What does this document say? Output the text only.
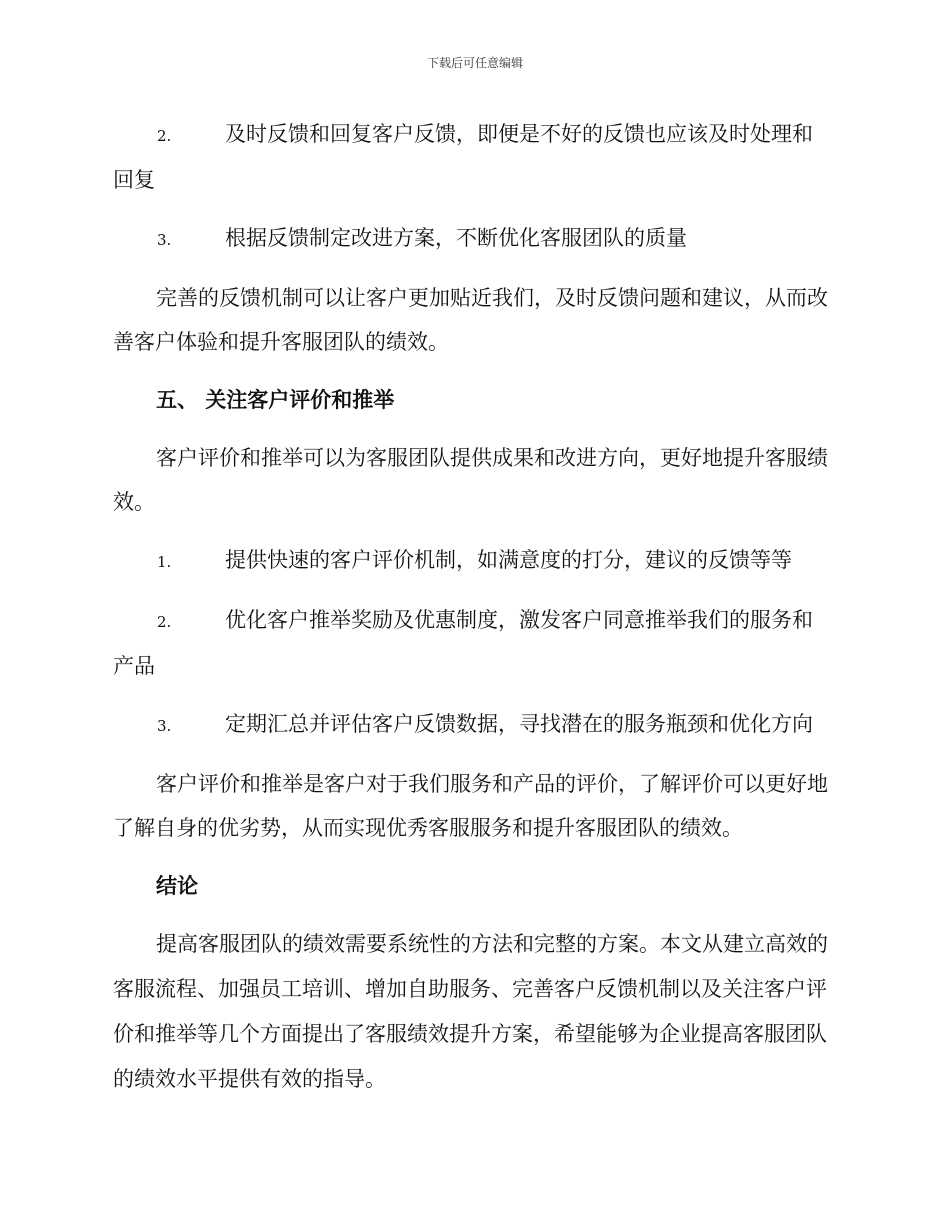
下载后可任意编辑

2.	及时反馈和回复客户反馈，即便是不好的反馈也应该及时处理和回复

3.	根据反馈制定改进方案，不断优化客服团队的质量

完善的反馈机制可以让客户更加贴近我们，及时反馈问题和建议，从而改善客户体验和提升客服团队的绩效。

五、 关注客户评价和推举

客户评价和推举可以为客服团队提供成果和改进方向，更好地提升客服绩效。

1.	提供快速的客户评价机制，如满意度的打分，建议的反馈等等

2.	优化客户推举奖励及优惠制度，激发客户同意推举我们的服务和产品

3.	定期汇总并评估客户反馈数据，寻找潜在的服务瓶颈和优化方向

客户评价和推举是客户对于我们服务和产品的评价，了解评价可以更好地了解自身的优劣势，从而实现优秀客服服务和提升客服团队的绩效。

结论

提高客服团队的绩效需要系统性的方法和完整的方案。本文从建立高效的客服流程、加强员工培训、增加自助服务、完善客户反馈机制以及关注客户评价和推举等几个方面提出了客服绩效提升方案，希望能够为企业提高客服团队的绩效水平提供有效的指导。
